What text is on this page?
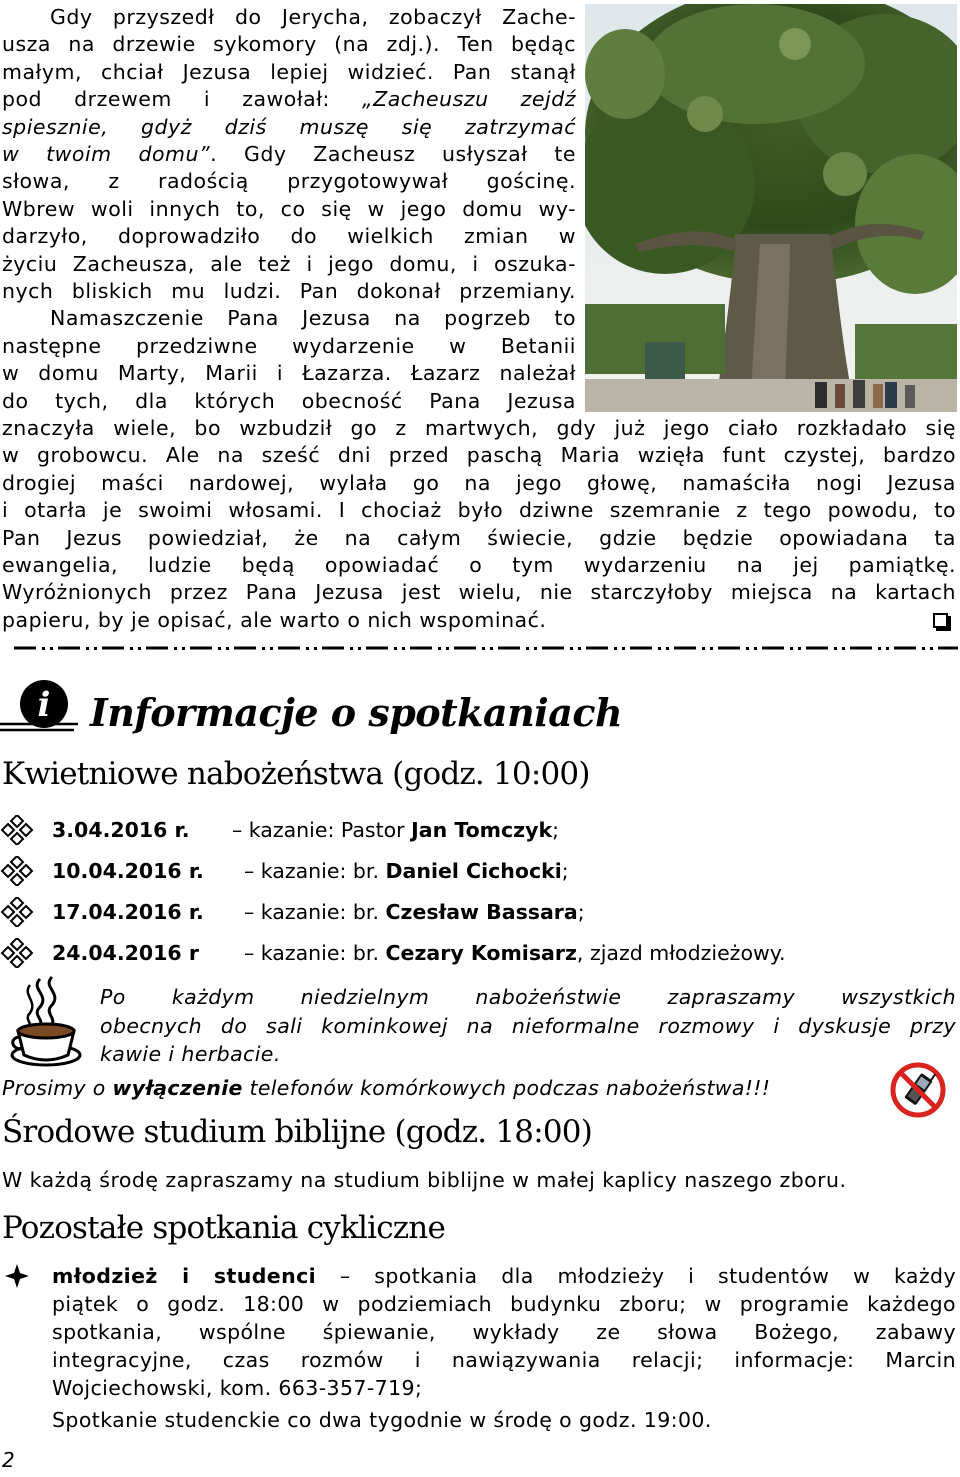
Gdy przyszedł do Jerycha, zobaczył Zache-
usza na drzewie sykomory (na zdj.). Ten będąc
małym, chciał Jezusa lepiej widzieć. Pan stanął
pod drzewem i zawołał: „Zacheuszu zejdź
spiesznie, gdyż dziś muszę się zatrzymać
w twoim domu”. Gdy Zacheusz usłyszał te
słowa, z radością przygotowywał gościnę.
Wbrew woli innych to, co się w jego domu wy-
darzyło, doprowadziło do wielkich zmian w
życiu Zacheusza, ale też i jego domu, i oszuka-
nych bliskich mu ludzi. Pan dokonał przemiany.
Namaszczenie Pana Jezusa na pogrzeb to
następne przedziwne wydarzenie w Betanii
w domu Marty, Marii i Łazarza. Łazarz należał
do tych, dla których obecność Pana Jezusa
znaczyła wiele, bo wzbudził go z martwych, gdy już jego ciało rozkładało się
w grobowcu. Ale na sześć dni przed paschą Maria wzięła funt czystej, bardzo
drogiej maści nardowej, wylała go na jego głowę, namaściła nogi Jezusa
i otarła je swoimi włosami. I chociaż było dziwne szemranie z tego powodu, to
Pan Jezus powiedział, że na całym świecie, gdzie będzie opowiadana ta
ewangelia, ludzie będą opowiadać o tym wydarzeniu na jej pamiątkę.
Wyróżnionych przez Pana Jezusa jest wielu, nie starczyłoby miejsca na kartach
papieru, by je opisać, ale warto o nich wspominać.
i	Informacje o spotkaniach
Kwietniowe nabożeństwa (godz. 10:00)
3.04.2016 r. – kazanie: Pastor Jan Tomczyk;
10.04.2016 r. – kazanie: br. Daniel Cichocki;
17.04.2016 r. – kazanie: br. Czesław Bassara;
24.04.2016 r – kazanie: br. Cezary Komisarz, zjazd młodzieżowy.
Po każdym niedzielnym nabożeństwie zapraszamy wszystkich
obecnych do sali kominkowej na nieformalne rozmowy i dyskusje przy
kawie i herbacie.
Prosimy o wyłączenie telefonów komórkowych podczas nabożeństwa!!!
Środowe studium biblijne (godz. 18:00)
W każdą środę zapraszamy na studium biblijne w małej kaplicy naszego zboru.
Pozostałe spotkania cykliczne
młodzież i studenci – spotkania dla młodzieży i studentów w każdy
piątek o godz. 18:00 w podziemiach budynku zboru; w programie każdego
spotkania, wspólne śpiewanie, wykłady ze słowa Bożego, zabawy
integracyjne, czas rozmów i nawiązywania relacji; informacje: Marcin
Wojciechowski, kom. 663-357-719;
Spotkanie studenckie co dwa tygodnie w środę o godz. 19:00.
2
